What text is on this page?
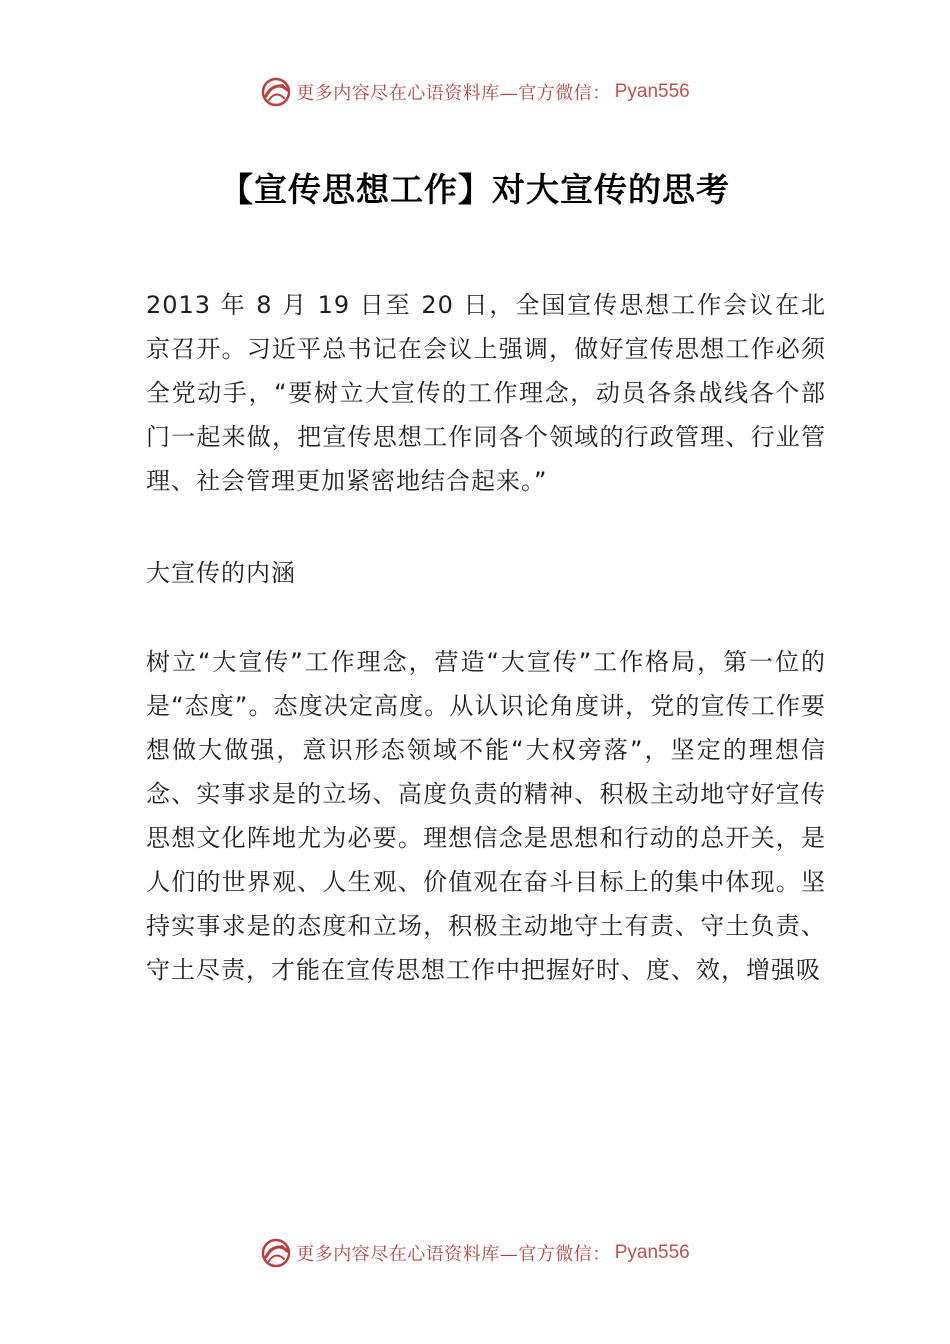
更多内容尽在心语资料库—官方微信： Pyan556
【宣传思想工作】对大宣传的思考

2013 年 8 月 19 日至 20 日，全国宣传思想工作会议在北京召开。习近平总书记在会议上强调，做好宣传思想工作必须全党动手，“要树立大宣传的工作理念，动员各条战线各个部门一起来做，把宣传思想工作同各个领域的行政管理、行业管理、社会管理更加紧密地结合起来。”

大宣传的内涵

树立“大宣传”工作理念，营造“大宣传”工作格局，第一位的是“态度”。态度决定高度。从认识论角度讲，党的宣传工作要想做大做强，意识形态领域不能“大权旁落”，坚定的理想信念、实事求是的立场、高度负责的精神、积极主动地守好宣传思想文化阵地尤为必要。理想信念是思想和行动的总开关，是人们的世界观、人生观、价值观在奋斗目标上的集中体现。坚持实事求是的态度和立场，积极主动地守土有责、守土负责、守土尽责，才能在宣传思想工作中把握好时、度、效，增强吸

更多内容尽在心语资料库—官方微信： Pyan556
